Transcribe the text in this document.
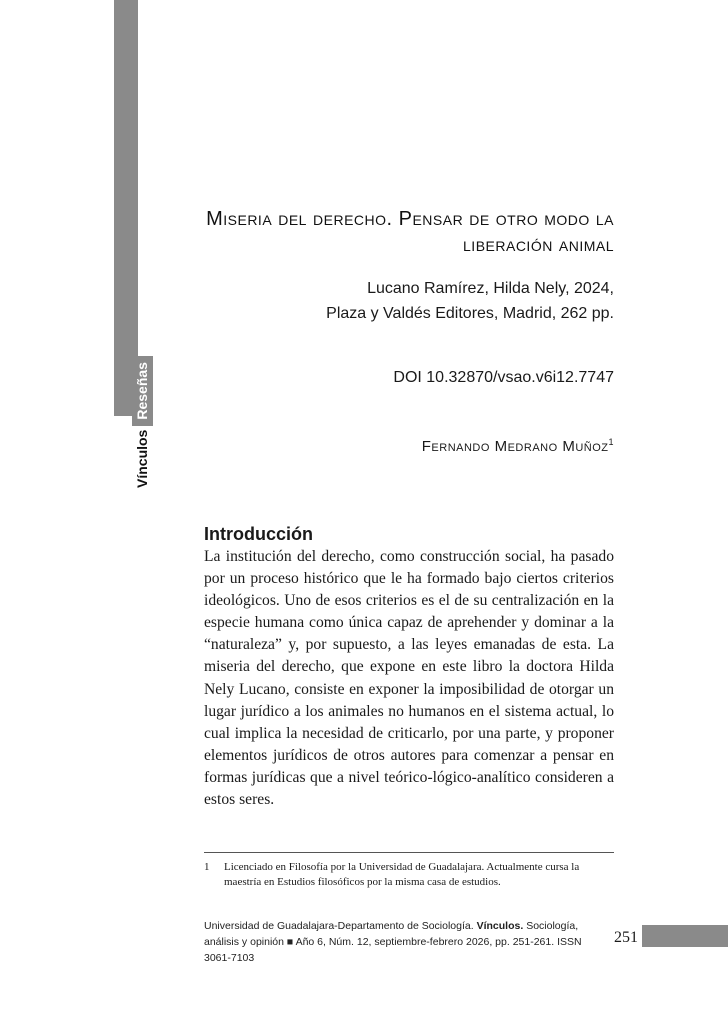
VínculosReseñas
Miseria del derecho. Pensar de otro modo la
liberación animal
Lucano Ramírez, Hilda Nely, 2024,
Plaza y Valdés Editores, Madrid, 262 pp.
DOI 10.32870/vsao.v6i12.7747
Fernando Medrano Muñoz$^1$
Introducción
La institución del derecho, como construcción social, ha pasado por un proceso histórico que le ha formado bajo ciertos criterios ideológicos. Uno de esos criterios es el de su centralización en la especie humana como única capaz de aprehender y dominar a la “naturaleza” y, por supuesto, a las leyes emanadas de esta. La miseria del derecho, que expone en este libro la doctora Hilda Nely Lucano, consiste en exponer la imposibilidad de otorgar un lugar jurídico a los animales no humanos en el sistema actual, lo cual implica la necesidad de criticarlo, por una parte, y proponer elementos jurídicos de otros autores para comenzar a pensar en formas jurídicas que a nivel teórico-lógico-analítico consideren a estos seres.
1 Licenciado en Filosofía por la Universidad de Guadalajara. Actualmente cursa la maestría en Estudios filosóficos por la misma casa de estudios.
Universidad de Guadalajara-Departamento de Sociología. Vínculos. Sociología, análisis y opinión ■ Año 6, Núm. 12, septiembre-febrero 2026, pp. 251-261. ISSN 3061-7103
251
